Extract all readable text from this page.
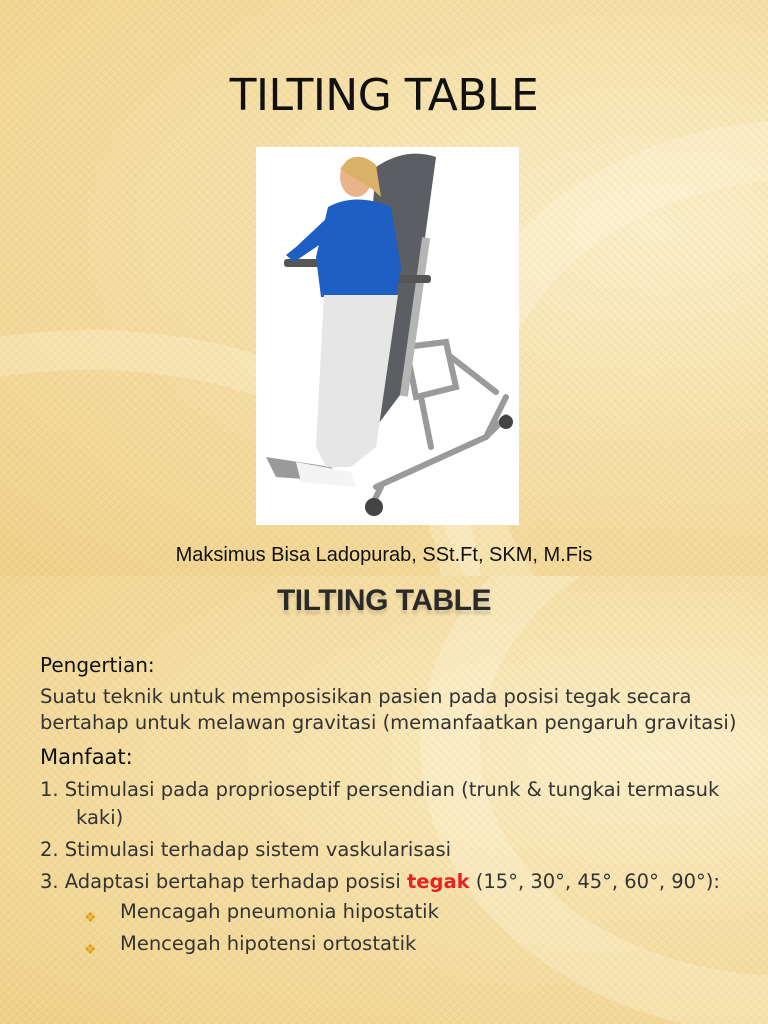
TILTING TABLE
Maksimus Bisa Ladopurab, SSt.Ft, SKM, M.Fis
TILTING TABLE

Pengertian:

Suatu teknik untuk memposisikan pasien pada posisi tegak secara bertahap untuk melawan gravitasi (memanfaatkan pengaruh gravitasi)

Manfaat:

1. Stimulasi pada proprioseptif persendian (trunk & tungkai termasuk kaki)

2. Stimulasi terhadap sistem vaskularisasi

3. Adaptasi bertahap terhadap posisi tegak (15°, 30°, 45°, 60°, 90°):

❖ Mencagah pneumonia hipostatik
❖ Mencegah hipotensi ortostatik
